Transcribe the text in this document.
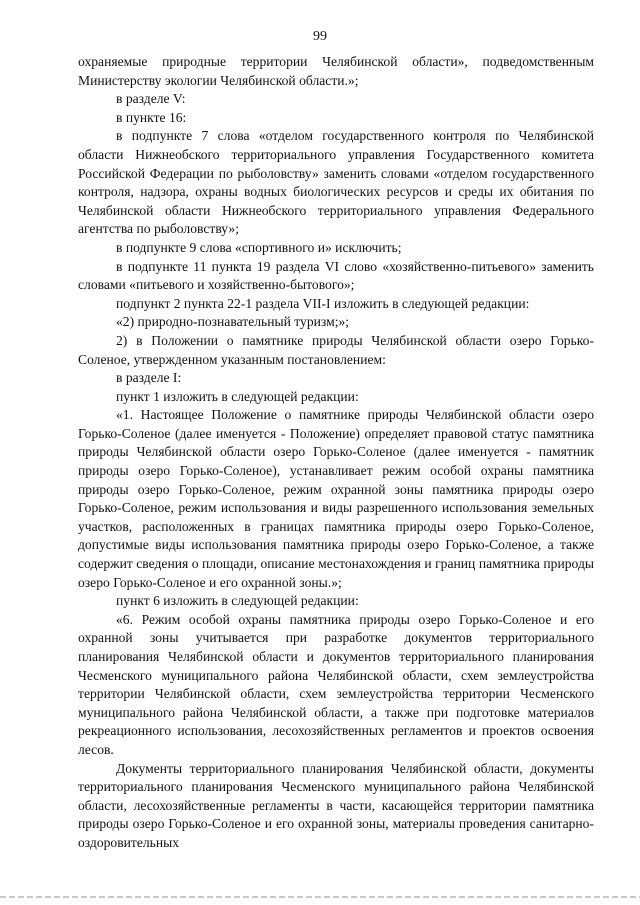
99

охраняемые природные территории Челябинской области», подведомственным Министерству экологии Челябинской области.»;

в разделе V:

в пункте 16:

в подпункте 7 слова «отделом государственного контроля по Челябинской области Нижнеобского территориального управления Государственного комитета Российской Федерации по рыболовству» заменить словами «отделом государственного контроля, надзора, охраны водных биологических ресурсов и среды их обитания по Челябинской области Нижнеобского территориального управления Федерального агентства по рыболовству»;

в подпункте 9 слова «спортивного и» исключить;

в подпункте 11 пункта 19 раздела VI слово «хозяйственно-питьевого» заменить словами «питьевого и хозяйственно-бытового»;

подпункт 2 пункта 22-1 раздела VII-I изложить в следующей редакции:

«2) природно-познавательный туризм;»;

2) в Положении о памятнике природы Челябинской области озеро Горько-Соленое, утвержденном указанным постановлением:

в разделе I:

пункт 1 изложить в следующей редакции:

«1. Настоящее Положение о памятнике природы Челябинской области озеро Горько-Соленое (далее именуется - Положение) определяет правовой статус памятника природы Челябинской области озеро Горько-Соленое (далее именуется - памятник природы озеро Горько-Соленое), устанавливает режим особой охраны памятника природы озеро Горько-Соленое, режим охранной зоны памятника природы озеро Горько-Соленое, режим использования и виды разрешенного использования земельных участков, расположенных в границах памятника природы озеро Горько-Соленое, допустимые виды использования памятника природы озеро Горько-Соленое, а также содержит сведения о площади, описание местонахождения и границ памятника природы озеро Горько-Соленое и его охранной зоны.»;

пункт 6 изложить в следующей редакции:

«6. Режим особой охраны памятника природы озеро Горько-Соленое и его охранной зоны учитывается при разработке документов территориального планирования Челябинской области и документов территориального планирования Чесменского муниципального района Челябинской области, схем землеустройства территории Челябинской области, схем землеустройства территории Чесменского муниципального района Челябинской области, а также при подготовке материалов рекреационного использования, лесохозяйственных регламентов и проектов освоения лесов.

Документы территориального планирования Челябинской области, документы территориального планирования Чесменского муниципального района Челябинской области, лесохозяйственные регламенты в части, касающейся территории памятника природы озеро Горько-Соленое и его охранной зоны, материалы проведения санитарно-оздоровительных
